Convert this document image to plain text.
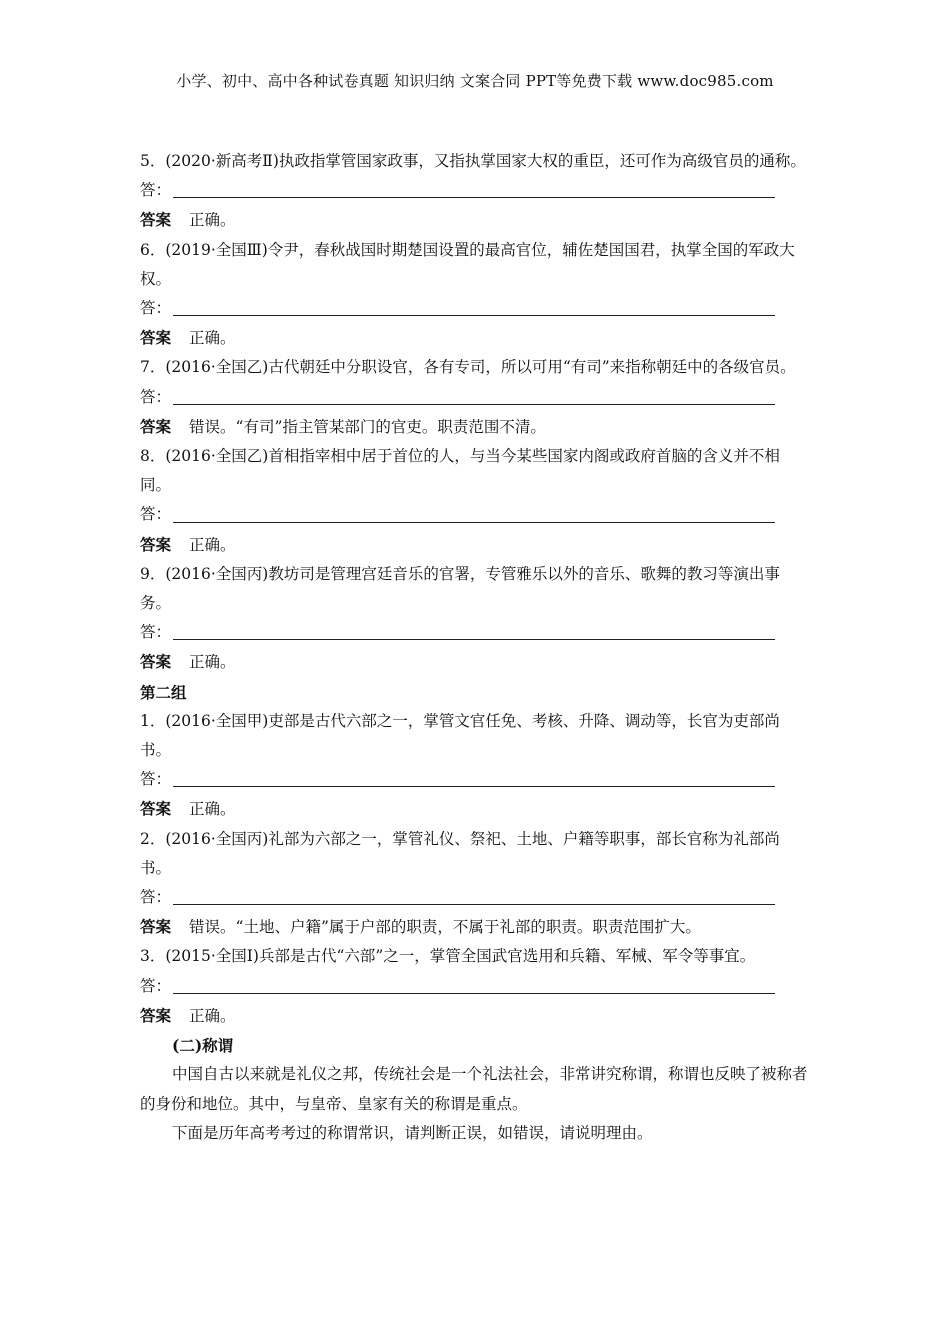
小学、初中、高中各种试卷真题 知识归纳 文案合同 PPT等免费下载 www.doc985.com
5．(2020·新高考Ⅱ)执政指掌管国家政事，又指执掌国家大权的重臣，还可作为高级官员的通称。
答：
答案 正确。
6．(2019·全国Ⅲ)令尹，春秋战国时期楚国设置的最高官位，辅佐楚国国君，执掌全国的军政大权。
答：
答案 正确。
7．(2016·全国乙)古代朝廷中分职设官，各有专司，所以可用“有司”来指称朝廷中的各级官员。
答：
答案 错误。“有司”指主管某部门的官吏。职责范围不清。
8．(2016·全国乙)首相指宰相中居于首位的人，与当今某些国家内阁或政府首脑的含义并不相同。
答：
答案 正确。
9．(2016·全国丙)教坊司是管理宫廷音乐的官署，专管雅乐以外的音乐、歌舞的教习等演出事务。
答：
答案 正确。
第二组
1．(2016·全国甲)吏部是古代六部之一，掌管文官任免、考核、升降、调动等，长官为吏部尚书。
答：
答案 正确。
2．(2016·全国丙)礼部为六部之一，掌管礼仪、祭祀、土地、户籍等职事，部长官称为礼部尚书。
答：
答案 错误。“土地、户籍”属于户部的职责，不属于礼部的职责。职责范围扩大。
3．(2015·全国Ⅰ)兵部是古代“六部”之一，掌管全国武官选用和兵籍、军械、军令等事宜。
答：
答案 正确。
(二)称谓
中国自古以来就是礼仪之邦，传统社会是一个礼法社会，非常讲究称谓，称谓也反映了被称者的身份和地位。其中，与皇帝、皇家有关的称谓是重点。
下面是历年高考考过的称谓常识，请判断正误，如错误，请说明理由。
